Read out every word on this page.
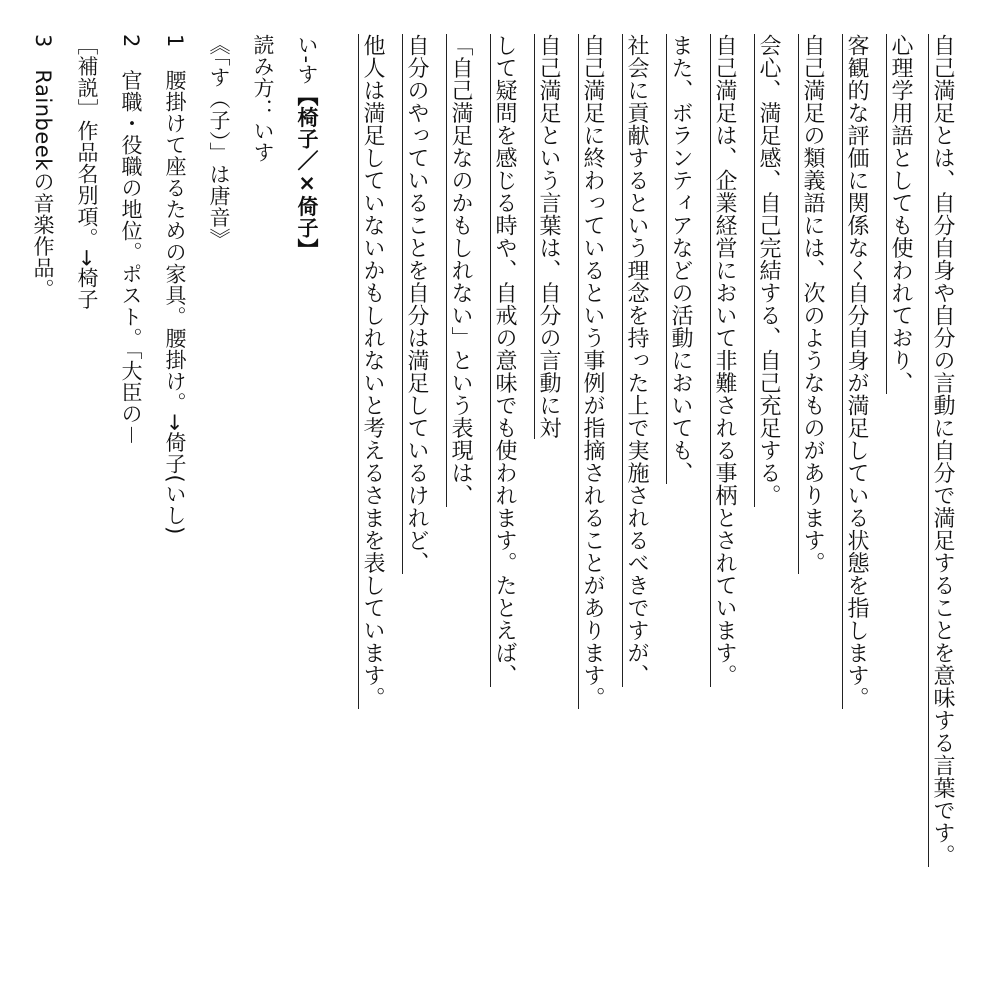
自己満足とは、自分自身や自分の言動に自分で満足することを意味する言葉です。
心理学用語としても使われており、
客観的な評価に関係なく自分自身が満足している状態を指します。
自己満足の類義語には、次のようなものがあります。
会心、満足感、自己完結する、自己充足する。
自己満足は、企業経営において非難される事柄とされています。
また、ボランティアなどの活動においても、
社会に貢献するという理念を持った上で実施されるべきですが、
自己満足に終わっているという事例が指摘されることがあります。
自己満足という言葉は、自分の言動に対
して疑問を感じる時や、自戒の意味でも使われます。たとえば、
「自己満足なのかもしれない」という表現は、
自分のやっていることを自分は満足しているけれど、
他人は満足していないかもしれないと考えるさまを表しています。
い‐す【椅子／×倚子】
読み方：いす
《「す（子）」は唐音》
1　腰掛けて座るための家具。腰掛け。→倚子(いし)
2　官職・役職の地位。ポスト。「大臣の－
［補説］作品名別項。→椅子
3　Rainbeekの音楽作品。
